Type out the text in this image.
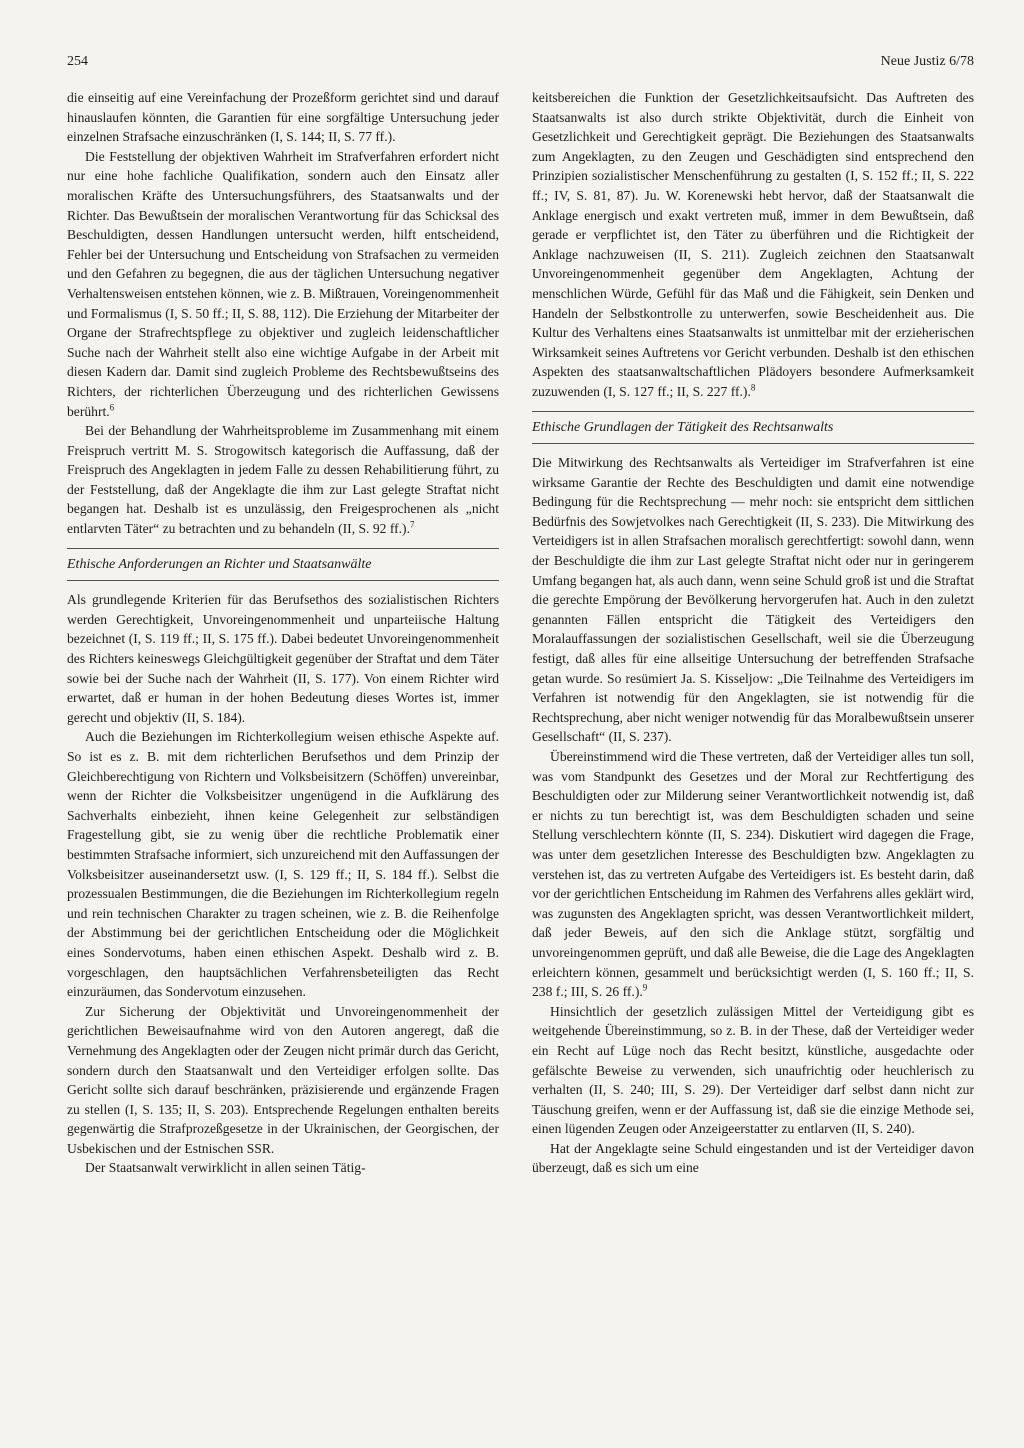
254	Neue Justiz 6/78

die einseitig auf eine Vereinfachung der Prozeßform gerichtet sind und darauf hinauslaufen könnten, die Garantien für eine sorgfältige Untersuchung jeder einzelnen Strafsache einzuschränken (I, S. 144; II, S. 77 ff.).

Die Feststellung der objektiven Wahrheit im Strafverfahren erfordert nicht nur eine hohe fachliche Qualifikation, sondern auch den Einsatz aller moralischen Kräfte des Untersuchungsführers, des Staatsanwalts und der Richter. Das Bewußtsein der moralischen Verantwortung für das Schicksal des Beschuldigten, dessen Handlungen untersucht werden, hilft entscheidend, Fehler bei der Untersuchung und Entscheidung von Strafsachen zu vermeiden und den Gefahren zu begegnen, die aus der täglichen Untersuchung negativer Verhaltensweisen entstehen können, wie z. B. Mißtrauen, Voreingenommenheit und Formalismus (I, S. 50 ff.; II, S. 88, 112). Die Erziehung der Mitarbeiter der Organe der Strafrechtspflege zu objektiver und zugleich leidenschaftlicher Suche nach der Wahrheit stellt also eine wichtige Aufgabe in der Arbeit mit diesen Kadern dar. Damit sind zugleich Probleme des Rechtsbewußtseins des Richters, der richterlichen Überzeugung und des richterlichen Gewissens berührt.$^6$

Bei der Behandlung der Wahrheitsprobleme im Zusammenhang mit einem Freispruch vertritt M. S. Strogowitsch kategorisch die Auffassung, daß der Freispruch des Angeklagten in jedem Falle zu dessen Rehabilitierung führt, zu der Feststellung, daß der Angeklagte die ihm zur Last gelegte Straftat nicht begangen hat. Deshalb ist es unzulässig, den Freigesprochenen als „nicht entlarvten Täter“ zu betrachten und zu behandeln (II, S. 92 ff.).$^7$

Ethische Anforderungen an Richter und Staatsanwälte

Als grundlegende Kriterien für das Berufsethos des sozialistischen Richters werden Gerechtigkeit, Unvoreingenommenheit und unparteiische Haltung bezeichnet (I, S. 119 ff.; II, S. 175 ff.). Dabei bedeutet Unvoreingenommenheit des Richters keineswegs Gleichgültigkeit gegenüber der Straftat und dem Täter sowie bei der Suche nach der Wahrheit (II, S. 177). Von einem Richter wird erwartet, daß er human in der hohen Bedeutung dieses Wortes ist, immer gerecht und objektiv (II, S. 184).

Auch die Beziehungen im Richterkollegium weisen ethische Aspekte auf. So ist es z. B. mit dem richterlichen Berufsethos und dem Prinzip der Gleichberechtigung von Richtern und Volksbeisitzern (Schöffen) unvereinbar, wenn der Richter die Volksbeisitzer ungenügend in die Aufklärung des Sachverhalts einbezieht, ihnen keine Gelegenheit zur selbständigen Fragestellung gibt, sie zu wenig über die rechtliche Problematik einer bestimmten Strafsache informiert, sich unzureichend mit den Auffassungen der Volksbeisitzer auseinandersetzt usw. (I, S. 129 ff.; II, S. 184 ff.). Selbst die prozessualen Bestimmungen, die die Beziehungen im Richterkollegium regeln und rein technischen Charakter zu tragen scheinen, wie z. B. die Reihenfolge der Abstimmung bei der gerichtlichen Entscheidung oder die Möglichkeit eines Sondervotums, haben einen ethischen Aspekt. Deshalb wird z. B. vorgeschlagen, den hauptsächlichen Verfahrensbeteiligten das Recht einzuräumen, das Sondervotum einzusehen.

Zur Sicherung der Objektivität und Unvoreingenommenheit der gerichtlichen Beweisaufnahme wird von den Autoren angeregt, daß die Vernehmung des Angeklagten oder der Zeugen nicht primär durch das Gericht, sondern durch den Staatsanwalt und den Verteidiger erfolgen sollte. Das Gericht sollte sich darauf beschränken, präzisierende und ergänzende Fragen zu stellen (I, S. 135; II, S. 203). Entsprechende Regelungen enthalten bereits gegenwärtig die Strafprozeßgesetze in der Ukrainischen, der Georgischen, der Usbekischen und der Estnischen SSR.

Der Staatsanwalt verwirklicht in allen seinen Tätig-

keitsbereichen die Funktion der Gesetzlichkeitsaufsicht. Das Auftreten des Staatsanwalts ist also durch strikte Objektivität, durch die Einheit von Gesetzlichkeit und Gerechtigkeit geprägt. Die Beziehungen des Staatsanwalts zum Angeklagten, zu den Zeugen und Geschädigten sind entsprechend den Prinzipien sozialistischer Menschenführung zu gestalten (I, S. 152 ff.; II, S. 222 ff.; IV, S. 81, 87). Ju. W. Korenewski hebt hervor, daß der Staatsanwalt die Anklage energisch und exakt vertreten muß, immer in dem Bewußtsein, daß gerade er verpflichtet ist, den Täter zu überführen und die Richtigkeit der Anklage nachzuweisen (II, S. 211). Zugleich zeichnen den Staatsanwalt Unvoreingenommenheit gegenüber dem Angeklagten, Achtung der menschlichen Würde, Gefühl für das Maß und die Fähigkeit, sein Denken und Handeln der Selbstkontrolle zu unterwerfen, sowie Bescheidenheit aus. Die Kultur des Verhaltens eines Staatsanwalts ist unmittelbar mit der erzieherischen Wirksamkeit seines Auftretens vor Gericht verbunden. Deshalb ist den ethischen Aspekten des staatsanwaltschaftlichen Plädoyers besondere Aufmerksamkeit zuzuwenden (I, S. 127 ff.; II, S. 227 ff.).$^8$

Ethische Grundlagen der Tätigkeit des Rechtsanwalts

Die Mitwirkung des Rechtsanwalts als Verteidiger im Strafverfahren ist eine wirksame Garantie der Rechte des Beschuldigten und damit eine notwendige Bedingung für die Rechtsprechung — mehr noch: sie entspricht dem sittlichen Bedürfnis des Sowjetvolkes nach Gerechtigkeit (II, S. 233). Die Mitwirkung des Verteidigers ist in allen Strafsachen moralisch gerechtfertigt: sowohl dann, wenn der Beschuldigte die ihm zur Last gelegte Straftat nicht oder nur in geringerem Umfang begangen hat, als auch dann, wenn seine Schuld groß ist und die Straftat die gerechte Empörung der Bevölkerung hervorgerufen hat. Auch in den zuletzt genannten Fällen entspricht die Tätigkeit des Verteidigers den Moralauffassungen der sozialistischen Gesellschaft, weil sie die Überzeugung festigt, daß alles für eine allseitige Untersuchung der betreffenden Strafsache getan wurde. So resümiert Ja. S. Kisseljow: „Die Teilnahme des Verteidigers im Verfahren ist notwendig für den Angeklagten, sie ist notwendig für die Rechtsprechung, aber nicht weniger notwendig für das Moralbewußtsein unserer Gesellschaft“ (II, S. 237).

Übereinstimmend wird die These vertreten, daß der Verteidiger alles tun soll, was vom Standpunkt des Gesetzes und der Moral zur Rechtfertigung des Beschuldigten oder zur Milderung seiner Verantwortlichkeit notwendig ist, daß er nichts zu tun berechtigt ist, was dem Beschuldigten schaden und seine Stellung verschlechtern könnte (II, S. 234). Diskutiert wird dagegen die Frage, was unter dem gesetzlichen Interesse des Beschuldigten bzw. Angeklagten zu verstehen ist, das zu vertreten Aufgabe des Verteidigers ist. Es besteht darin, daß vor der gerichtlichen Entscheidung im Rahmen des Verfahrens alles geklärt wird, was zugunsten des Angeklagten spricht, was dessen Verantwortlichkeit mildert, daß jeder Beweis, auf den sich die Anklage stützt, sorgfältig und unvoreingenommen geprüft, und daß alle Beweise, die die Lage des Angeklagten erleichtern können, gesammelt und berücksichtigt werden (I, S. 160 ff.; II, S. 238 f.; III, S. 26 ff.).$^9$

Hinsichtlich der gesetzlich zulässigen Mittel der Verteidigung gibt es weitgehende Übereinstimmung, so z. B. in der These, daß der Verteidiger weder ein Recht auf Lüge noch das Recht besitzt, künstliche, ausgedachte oder gefälschte Beweise zu verwenden, sich unaufrichtig oder heuchlerisch zu verhalten (II, S. 240; III, S. 29). Der Verteidiger darf selbst dann nicht zur Täuschung greifen, wenn er der Auffassung ist, daß sie die einzige Methode sei, einen lügenden Zeugen oder Anzeigeerstatter zu entlarven (II, S. 240).

Hat der Angeklagte seine Schuld eingestanden und ist der Verteidiger davon überzeugt, daß es sich um eine
